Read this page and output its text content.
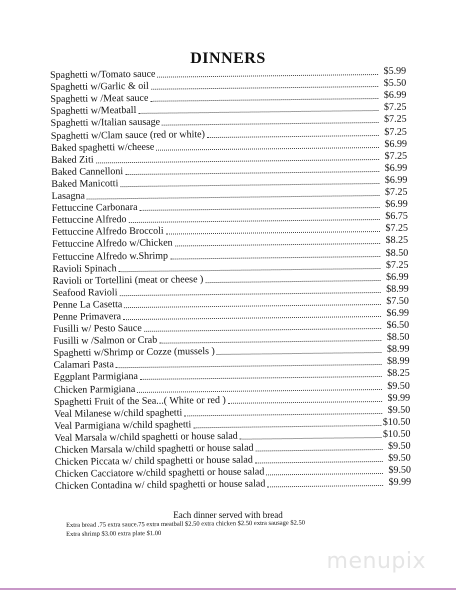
DINNERS
Spaghetti w/Tomato sauce	$5.99
Spaghetti w/Garlic & oil	$5.50
Spaghetti w /Meat sauce	$6.99
Spaghetti w/Meatball	$7.25
Spaghetti w/Italian sausage	$7.25
Spaghetti w/Clam sauce (red or white)	$7.25
Baked spaghetti w/cheese	$6.99
Baked Ziti	$7.25
Baked Cannelloni	$6.99
Baked Manicotti	$6.99
Lasagna	$7.25
Fettuccine Carbonara	$6.99
Fettuccine Alfredo	$6.75
Fettuccine Alfredo Broccoli	$7.25
Fettuccine Alfredo w/Chicken	$8.25
Fettuccine Alfredo w.Shrimp	$8.50
Ravioli Spinach	$7.25
Ravioli or Tortellini (meat or cheese )	$6.99
Seafood Ravioli	$8.99
Penne La Casetta	$7.50
Penne Primavera	$6.99
Fusilli w/ Pesto Sauce	$6.50
Fusilli w /Salmon or Crab	$8.50
Spaghetti w/Shrimp or Cozze (mussels )	$8.99
Calamari Pasta	$8.99
Eggplant Parmigiana	$8.25
Chicken Parmigiana	$9.50
Spaghetti Fruit of the Sea...( White or red )	$9.99
Veal Milanese w/child spaghetti	$9.50
Veal Parmigiana w/child spaghetti	$10.50
Veal Marsala w/child spaghetti or house salad	$10.50
Chicken Marsala w/child spaghetti or house salad	$9.50
Chicken Piccata w/ child spaghetti or house salad	$9.50
Chicken Cacciatore w/child spaghetti or house salad	$9.50
Chicken Contadina w/ child spaghetti or house salad	$9.99
Each dinner served with bread
Extra bread .75 extra sauce.75 extra meatball $2.50 extra chicken $2.50 extra sausage $2.50
Extra shrimp $3.00 extra plate $1.00
menupix
